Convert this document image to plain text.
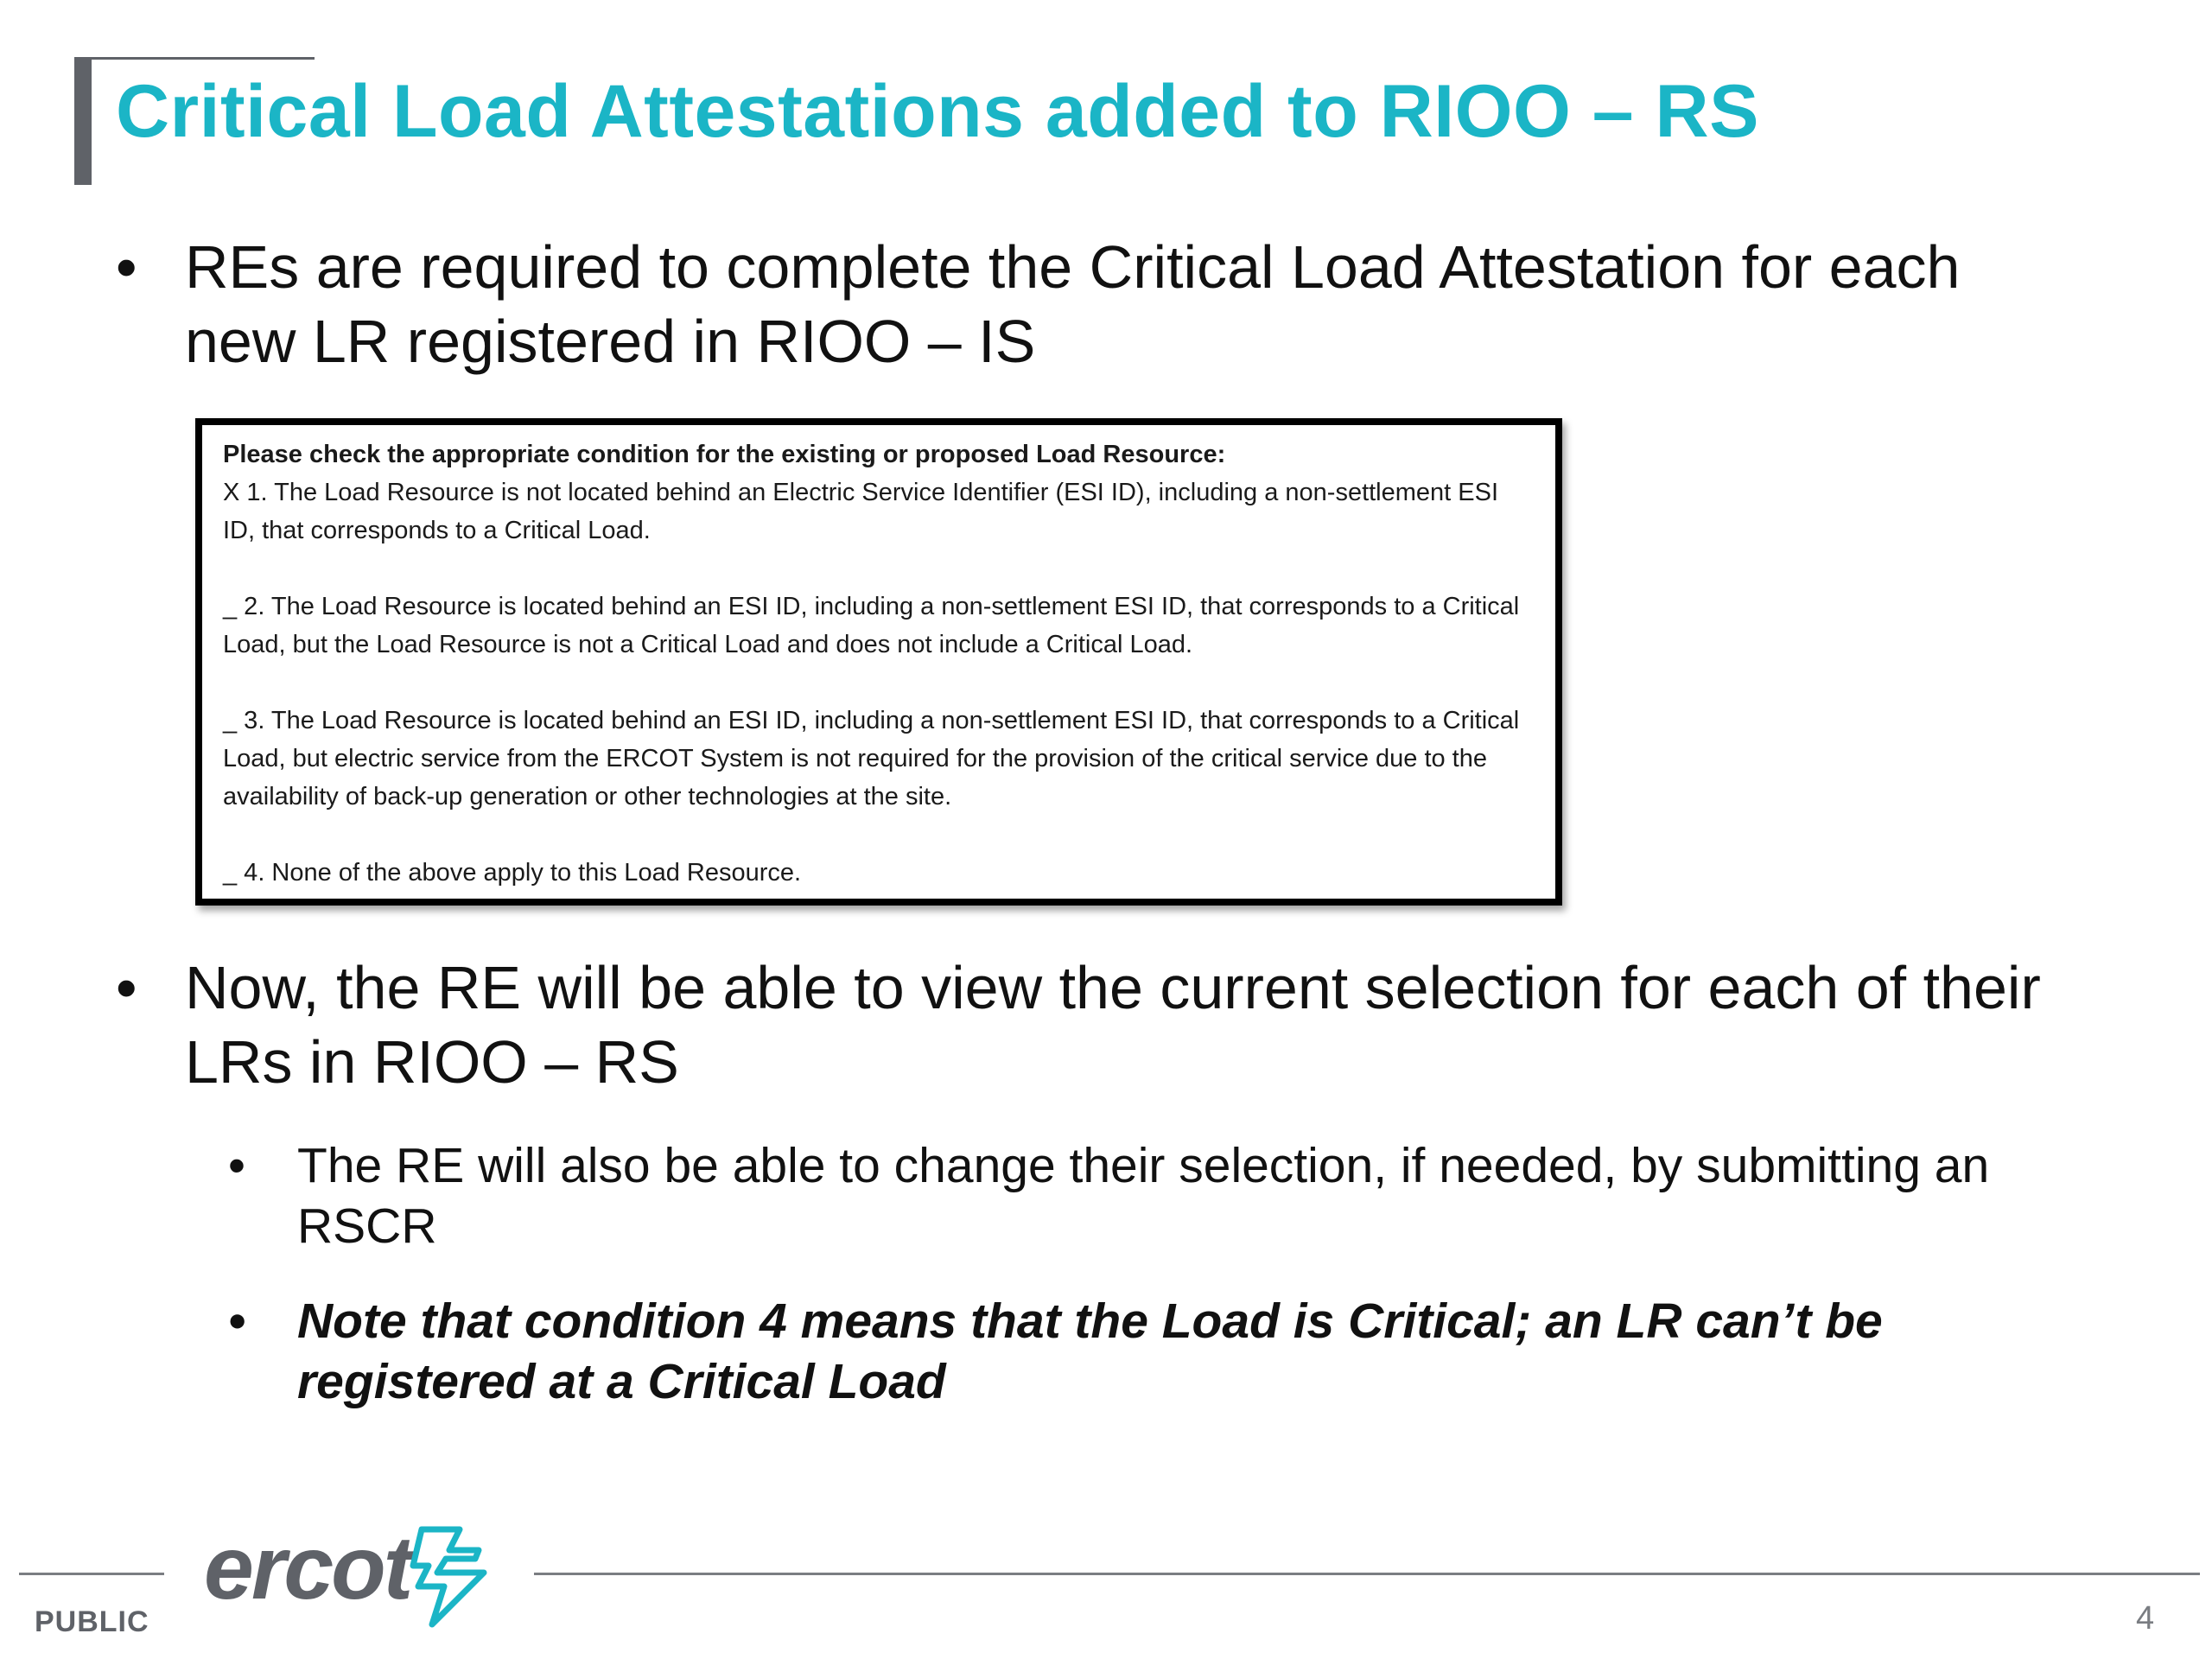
Critical Load Attestations added to RIOO – RS

• REs are required to complete the Critical Load Attestation for each new LR registered in RIOO – IS

Please check the appropriate condition for the existing or proposed Load Resource:

X 1. The Load Resource is not located behind an Electric Service Identifier (ESI ID), including a non-settlement ESI ID, that corresponds to a Critical Load.

_ 2. The Load Resource is located behind an ESI ID, including a non-settlement ESI ID, that corresponds to a Critical Load, but the Load Resource is not a Critical Load and does not include a Critical Load.

_ 3. The Load Resource is located behind an ESI ID, including a non-settlement ESI ID, that corresponds to a Critical Load, but electric service from the ERCOT System is not required for the provision of the critical service due to the availability of back-up generation or other technologies at the site.

_ 4. None of the above apply to this Load Resource.

• Now, the RE will be able to view the current selection for each of their LRs in RIOO – RS

• The RE will also be able to change their selection, if needed, by submitting an RSCR

• Note that condition 4 means that the Load is Critical; an LR can’t be registered at a Critical Load

ercot
PUBLIC	4
